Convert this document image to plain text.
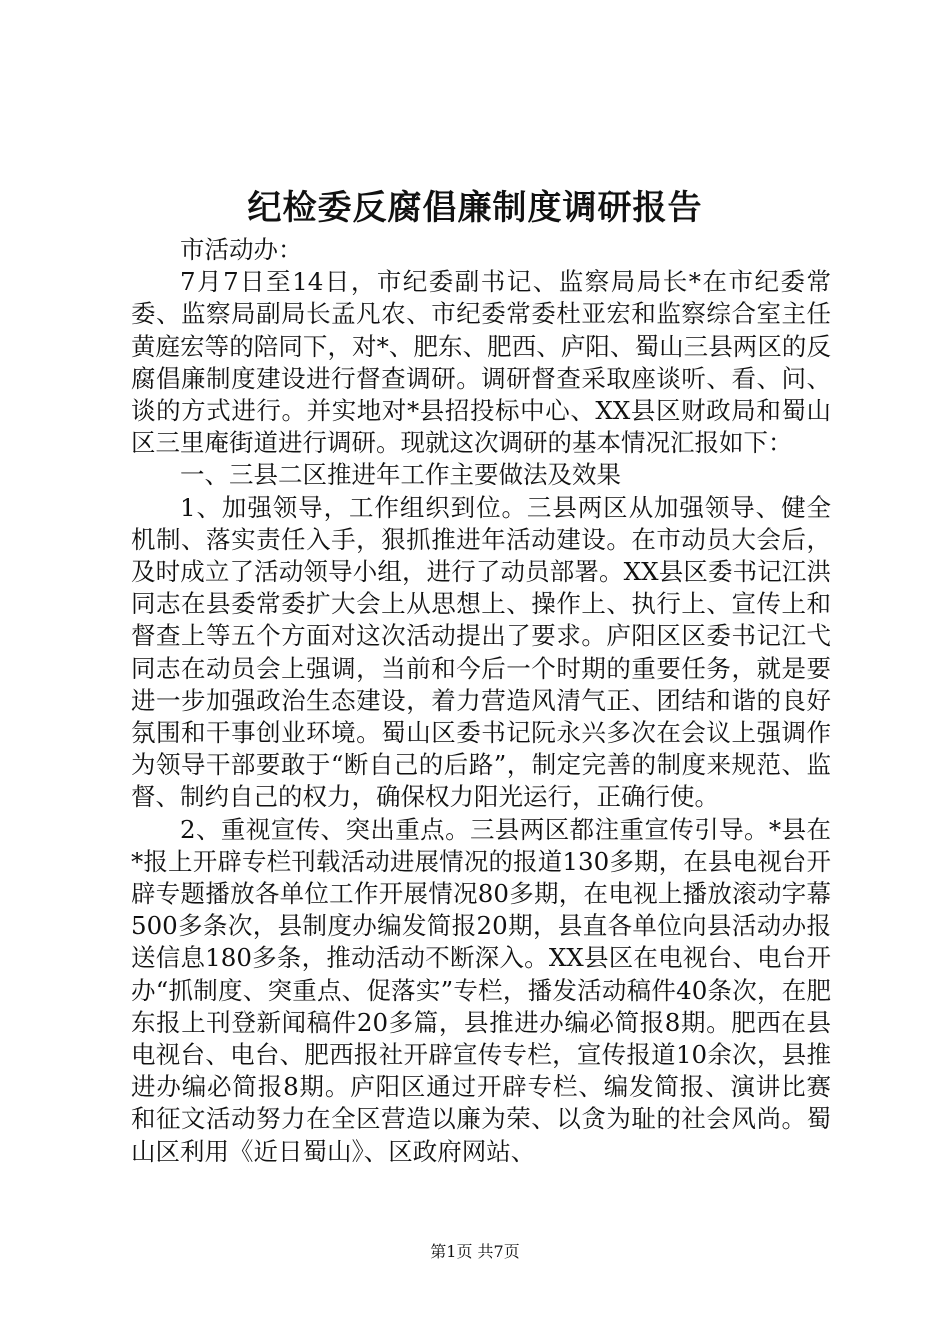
纪检委反腐倡廉制度调研报告

市活动办：

7月7日至14日，市纪委副书记、监察局局长*在市纪委常委、监察局副局长孟凡农、市纪委常委杜亚宏和监察综合室主任黄庭宏等的陪同下，对*、肥东、肥西、庐阳、蜀山三县两区的反腐倡廉制度建设进行督查调研。调研督查采取座谈听、看、问、谈的方式进行。并实地对*县招投标中心、XX县区财政局和蜀山区三里庵街道进行调研。现就这次调研的基本情况汇报如下：

一、三县二区推进年工作主要做法及效果

1、加强领导，工作组织到位。三县两区从加强领导、健全机制、落实责任入手，狠抓推进年活动建设。在市动员大会后，及时成立了活动领导小组，进行了动员部署。XX县区委书记江洪同志在县委常委扩大会上从思想上、操作上、执行上、宣传上和督查上等五个方面对这次活动提出了要求。庐阳区区委书记江弋同志在动员会上强调，当前和今后一个时期的重要任务，就是要进一步加强政治生态建设，着力营造风清气正、团结和谐的良好氛围和干事创业环境。蜀山区委书记阮永兴多次在会议上强调作为领导干部要敢于“断自己的后路”，制定完善的制度来规范、监督、制约自己的权力，确保权力阳光运行，正确行使。

2、重视宣传、突出重点。三县两区都注重宣传引导。*县在*报上开辟专栏刊载活动进展情况的报道130多期，在县电视台开辟专题播放各单位工作开展情况80多期，在电视上播放滚动字幕500多条次，县制度办编发简报20期，县直各单位向县活动办报送信息180多条，推动活动不断深入。XX县区在电视台、电台开办“抓制度、突重点、促落实”专栏，播发活动稿件40条次，在肥东报上刊登新闻稿件20多篇，县推进办编必简报8期。肥西在县电视台、电台、肥西报社开辟宣传专栏，宣传报道10余次，县推进办编必简报8期。庐阳区通过开辟专栏、编发简报、演讲比赛和征文活动努力在全区营造以廉为荣、以贪为耻的社会风尚。蜀山区利用《近日蜀山》、区政府网站、

第1页 共7页
